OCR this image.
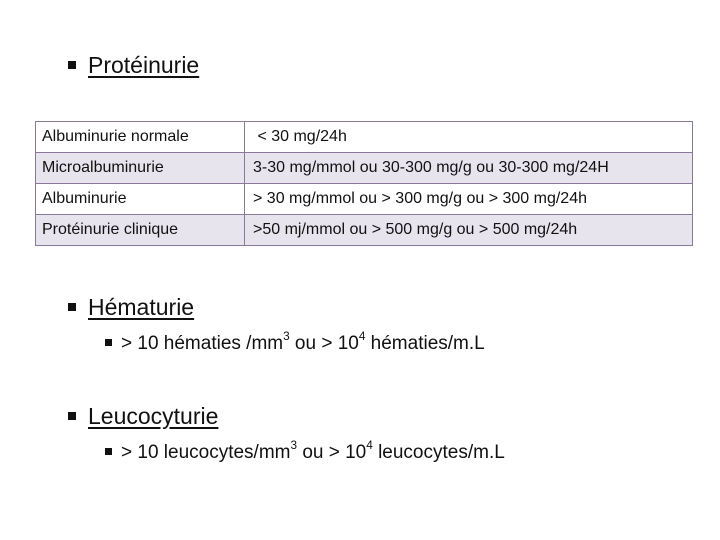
Protéinurie
Albuminurie normale	< 30 mg/24h
Microalbuminurie	3-30 mg/mmol ou 30-300 mg/g ou 30-300 mg/24H
Albuminurie	> 30 mg/mmol ou > 300 mg/g ou > 300 mg/24h
Protéinurie clinique	>50 mj/mmol ou > 500 mg/g ou > 500 mg/24h
Hématurie
> 10 hématies $/mm^3$ ou > $10^4$ hématies/m.L
Leucocyturie
> 10 leucocytes/$mm^3$ ou > $10^4$ leucocytes/m.L
